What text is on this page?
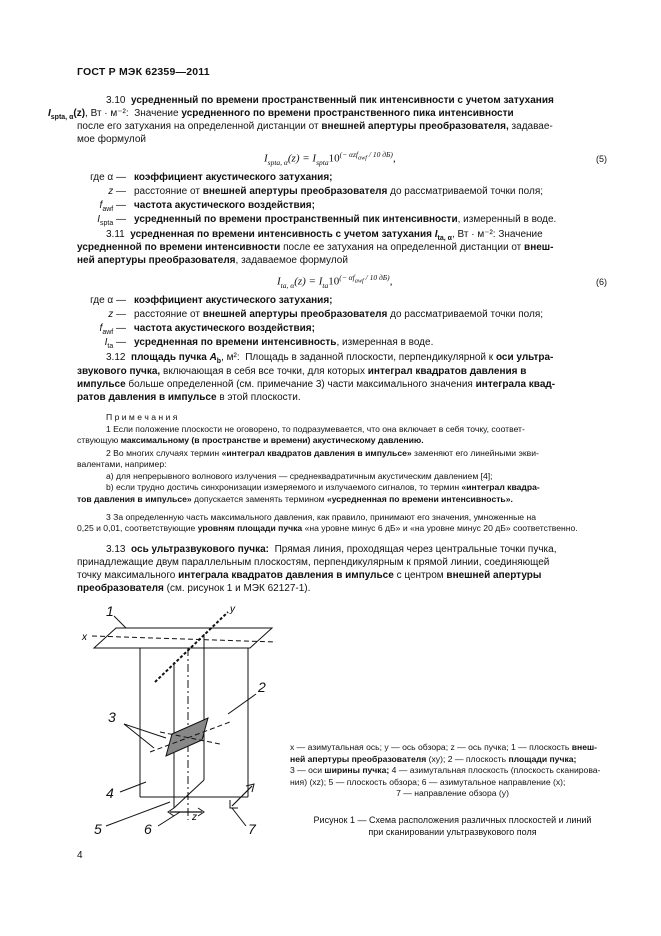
ГОСТ Р МЭК 62359—2011
3.10 усредненный по времени пространственный пик интенсивности с учетом затухания
$I_{spta, \alpha}(z)$, Вт · м⁻²: Значение усредненного по времени пространственного пика интенсивности
после его затухания на определенной дистанции от внешней апертуры преобразователя, задавае-
мое формулой
$I_{spta, \alpha}(z) = I_{spta}10^{(- \alpha zf_{awf} / 10 дБ)}$,	(5)
где α — коэффициент акустического затухания;
z — расстояние от внешней апертуры преобразователя до рассматриваемой точки поля;
$f_{awf}$ — частота акустического воздействия;
$I_{spta}$ — усредненный по времени пространственный пик интенсивности, измеренный в воде.
3.11 усредненная по времени интенсивность с учетом затухания $I_{ta, \alpha}$, Вт · м⁻²: Значение
усредненной по времени интенсивности после ее затухания на определенной дистанции от внеш-
ней апертуры преобразователя, задаваемое формулой
$I_{ta, \alpha}(z) = I_{ta}10^{(- \alpha f_{awf} / 10 дБ)}$,	(6)
где α — коэффициент акустического затухания;
z — расстояние от внешней апертуры преобразователя до рассматриваемой точки поля;
$f_{awf}$ — частота акустического воздействия;
$I_{ta}$ — усредненная по времени интенсивность, измеренная в воде.
3.12 площадь пучка $A_b$, м²: Площадь в заданной плоскости, перпендикулярной к оси ультра-
звукового пучка, включающая в себя все точки, для которых интеграл квадратов давления в
импульсе больше определенной (см. примечание 3) части максимального значения интеграла квад-
ратов давления в импульсе в этой плоскости.
П р и м е ч а н и я
1 Если положение плоскости не оговорено, то подразумевается, что она включает в себя точку, соответ-
ствующую максимальному (в пространстве и времени) акустическому давлению.
2 Во многих случаях термин «интеграл квадратов давления в импульсе» заменяют его линейными экви-
валентами, например:
a) для непрерывного волнового излучения — среднеквадратичным акустическим давлением [4];
b) если трудно достичь синхронизации измеряемого и излучаемого сигналов, то термин «интеграл квадра-
тов давления в импульсе» допускается заменять термином «усредненная по времени интенсивность».
3 За определенную часть максимального давления, как правило, принимают его значения, умноженные на
0,25 и 0,01, соответствующие уровням площади пучка «на уровне минус 6 дБ» и «на уровне минус 20 дБ» соответственно.
3.13 ось ультразвукового пучка: Прямая линия, проходящая через центральные точки пучка,
принадлежащие двум параллельным плоскостям, перпендикулярным к прямой линии, соединяющей
точку максимального интеграла квадратов давления в импульсе с центром внешней апертуры
преобразователя (см. рисунок 1 и МЭК 62127-1).
1
2
3
4
5	6	7
x
y
z
x — азимутальная ось; y — ось обзора; z — ось пучка; 1 — плоскость внеш-
ней апертуры преобразователя (xy); 2 — плоскость площади пучка;
3 — оси ширины пучка; 4 — азимутальная плоскость (плоскость сканирова-
ния) (xz); 5 — плоскость обзора; 6 — азимутальное направление (x);
7 — направление обзора (y)
Рисунок 1 — Схема расположения различных плоскостей и линий
при сканировании ультразвукового поля
4
